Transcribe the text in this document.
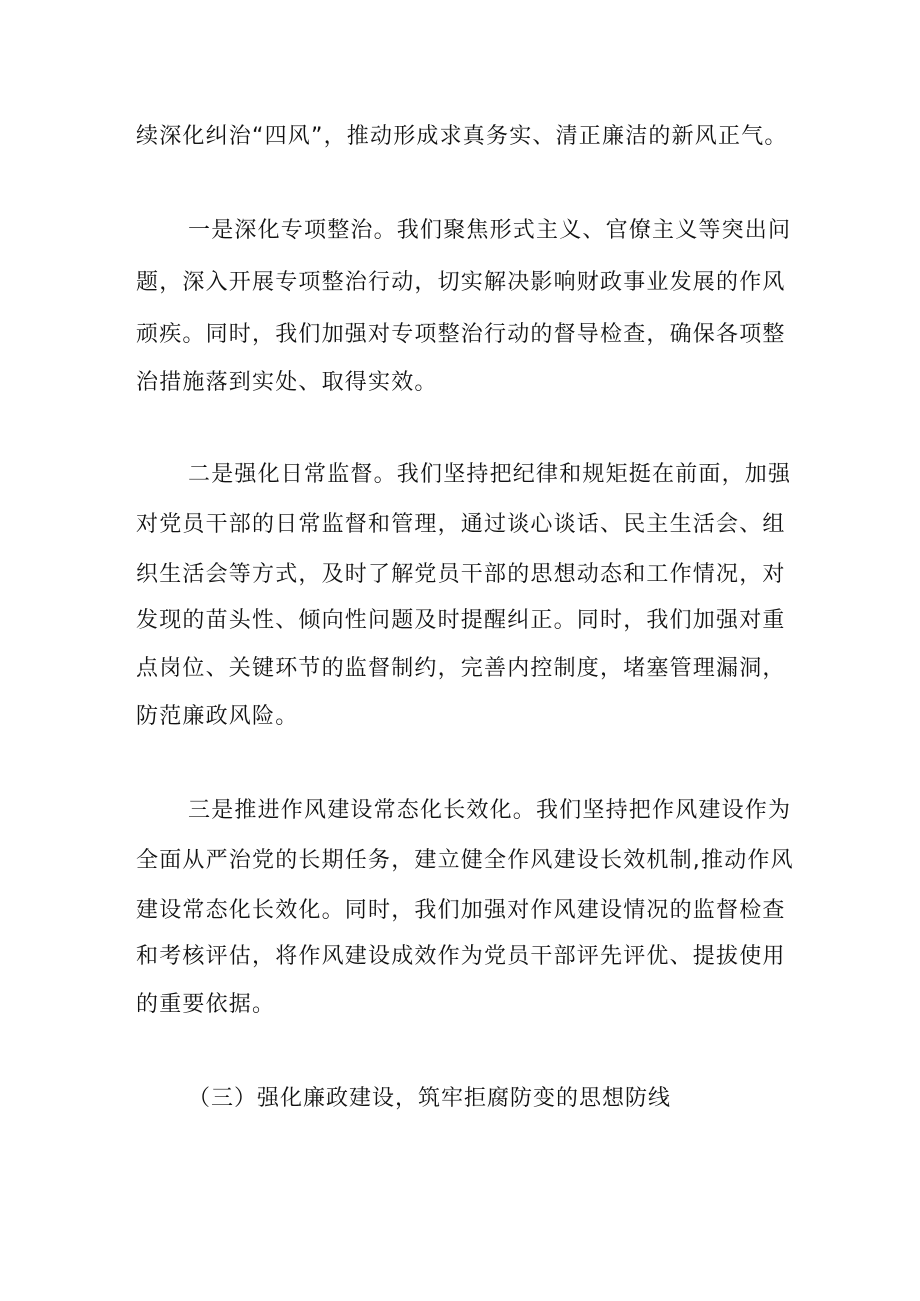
续深化纠治“四风”，推动形成求真务实、清正廉洁的新风正气。
一是深化专项整治。我们聚焦形式主义、官僚主义等突出问
题，深入开展专项整治行动，切实解决影响财政事业发展的作风
顽疾。同时，我们加强对专项整治行动的督导检查，确保各项整
治措施落到实处、取得实效。
二是强化日常监督。我们坚持把纪律和规矩挺在前面，加强
对党员干部的日常监督和管理，通过谈心谈话、民主生活会、组
织生活会等方式，及时了解党员干部的思想动态和工作情况，对
发现的苗头性、倾向性问题及时提醒纠正。同时，我们加强对重
点岗位、关键环节的监督制约，完善内控制度，堵塞管理漏洞，
防范廉政风险。
三是推进作风建设常态化长效化。我们坚持把作风建设作为
全面从严治党的长期任务，建立健全作风建设长效机制,推动作风
建设常态化长效化。同时，我们加强对作风建设情况的监督检查
和考核评估，将作风建设成效作为党员干部评先评优、提拔使用
的重要依据。
（三）强化廉政建设，筑牢拒腐防变的思想防线
